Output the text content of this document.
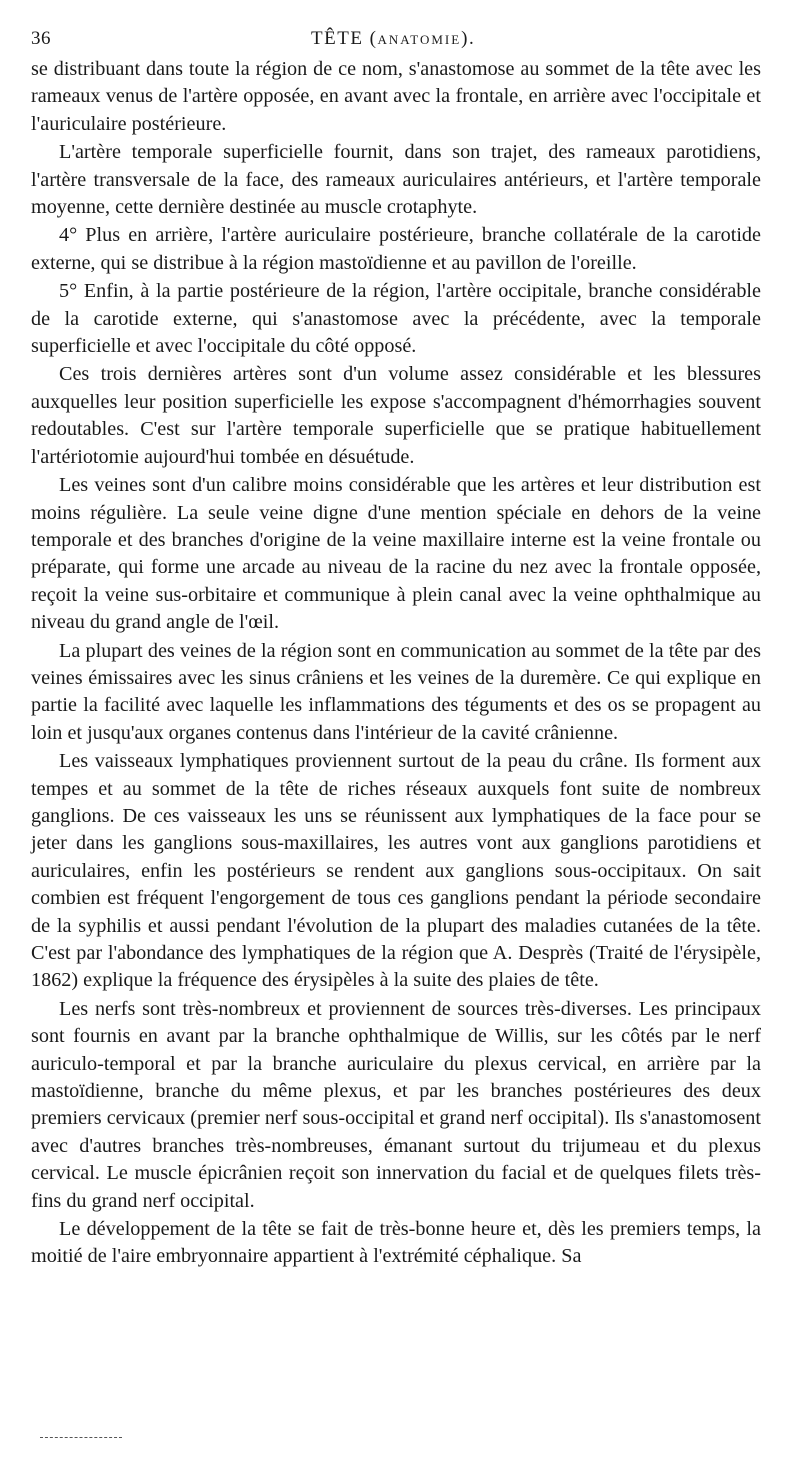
36	TÊTE (ANATOMIE).

se distribuant dans toute la région de ce nom, s'anastomose au sommet de la tête avec les rameaux venus de l'artère opposée, en avant avec la frontale, en arrière avec l'occipitale et l'auriculaire postérieure.

L'artère temporale superficielle fournit, dans son trajet, des rameaux parotidiens, l'artère transversale de la face, des rameaux auriculaires antérieurs, et l'artère temporale moyenne, cette dernière destinée au muscle crotaphyte.

4° Plus en arrière, l'artère auriculaire postérieure, branche collatérale de la carotide externe, qui se distribue à la région mastoïdienne et au pavillon de l'oreille.

5° Enfin, à la partie postérieure de la région, l'artère occipitale, branche considérable de la carotide externe, qui s'anastomose avec la précédente, avec la temporale superficielle et avec l'occipitale du côté opposé.

Ces trois dernières artères sont d'un volume assez considérable et les blessures auxquelles leur position superficielle les expose s'accompagnent d'hémorrhagies souvent redoutables. C'est sur l'artère temporale superficielle que se pratique habituellement l'artériotomie aujourd'hui tombée en désuétude.

Les veines sont d'un calibre moins considérable que les artères et leur distribution est moins régulière. La seule veine digne d'une mention spéciale en dehors de la veine temporale et des branches d'origine de la veine maxillaire interne est la veine frontale ou préparate, qui forme une arcade au niveau de la racine du nez avec la frontale opposée, reçoit la veine sus-orbitaire et communique à plein canal avec la veine ophthalmique au niveau du grand angle de l'œil.

La plupart des veines de la région sont en communication au sommet de la tête par des veines émissaires avec les sinus crâniens et les veines de la duremère. Ce qui explique en partie la facilité avec laquelle les inflammations des téguments et des os se propagent au loin et jusqu'aux organes contenus dans l'intérieur de la cavité crânienne.

Les vaisseaux lymphatiques proviennent surtout de la peau du crâne. Ils forment aux tempes et au sommet de la tête de riches réseaux auxquels font suite de nombreux ganglions. De ces vaisseaux les uns se réunissent aux lymphatiques de la face pour se jeter dans les ganglions sous-maxillaires, les autres vont aux ganglions parotidiens et auriculaires, enfin les postérieurs se rendent aux ganglions sous-occipitaux. On sait combien est fréquent l'engorgement de tous ces ganglions pendant la période secondaire de la syphilis et aussi pendant l'évolution de la plupart des maladies cutanées de la tête. C'est par l'abondance des lymphatiques de la région que A. Desprès (Traité de l'érysipèle, 1862) explique la fréquence des érysipèles à la suite des plaies de tête.

Les nerfs sont très-nombreux et proviennent de sources très-diverses. Les principaux sont fournis en avant par la branche ophthalmique de Willis, sur les côtés par le nerf auriculo-temporal et par la branche auriculaire du plexus cervical, en arrière par la mastoïdienne, branche du même plexus, et par les branches postérieures des deux premiers cervicaux (premier nerf sous-occipital et grand nerf occipital). Ils s'anastomosent avec d'autres branches très-nombreuses, émanant surtout du trijumeau et du plexus cervical. Le muscle épicrânien reçoit son innervation du facial et de quelques filets très-fins du grand nerf occipital.

Le développement de la tête se fait de très-bonne heure et, dès les premiers temps, la moitié de l'aire embryonnaire appartient à l'extrémité céphalique. Sa
